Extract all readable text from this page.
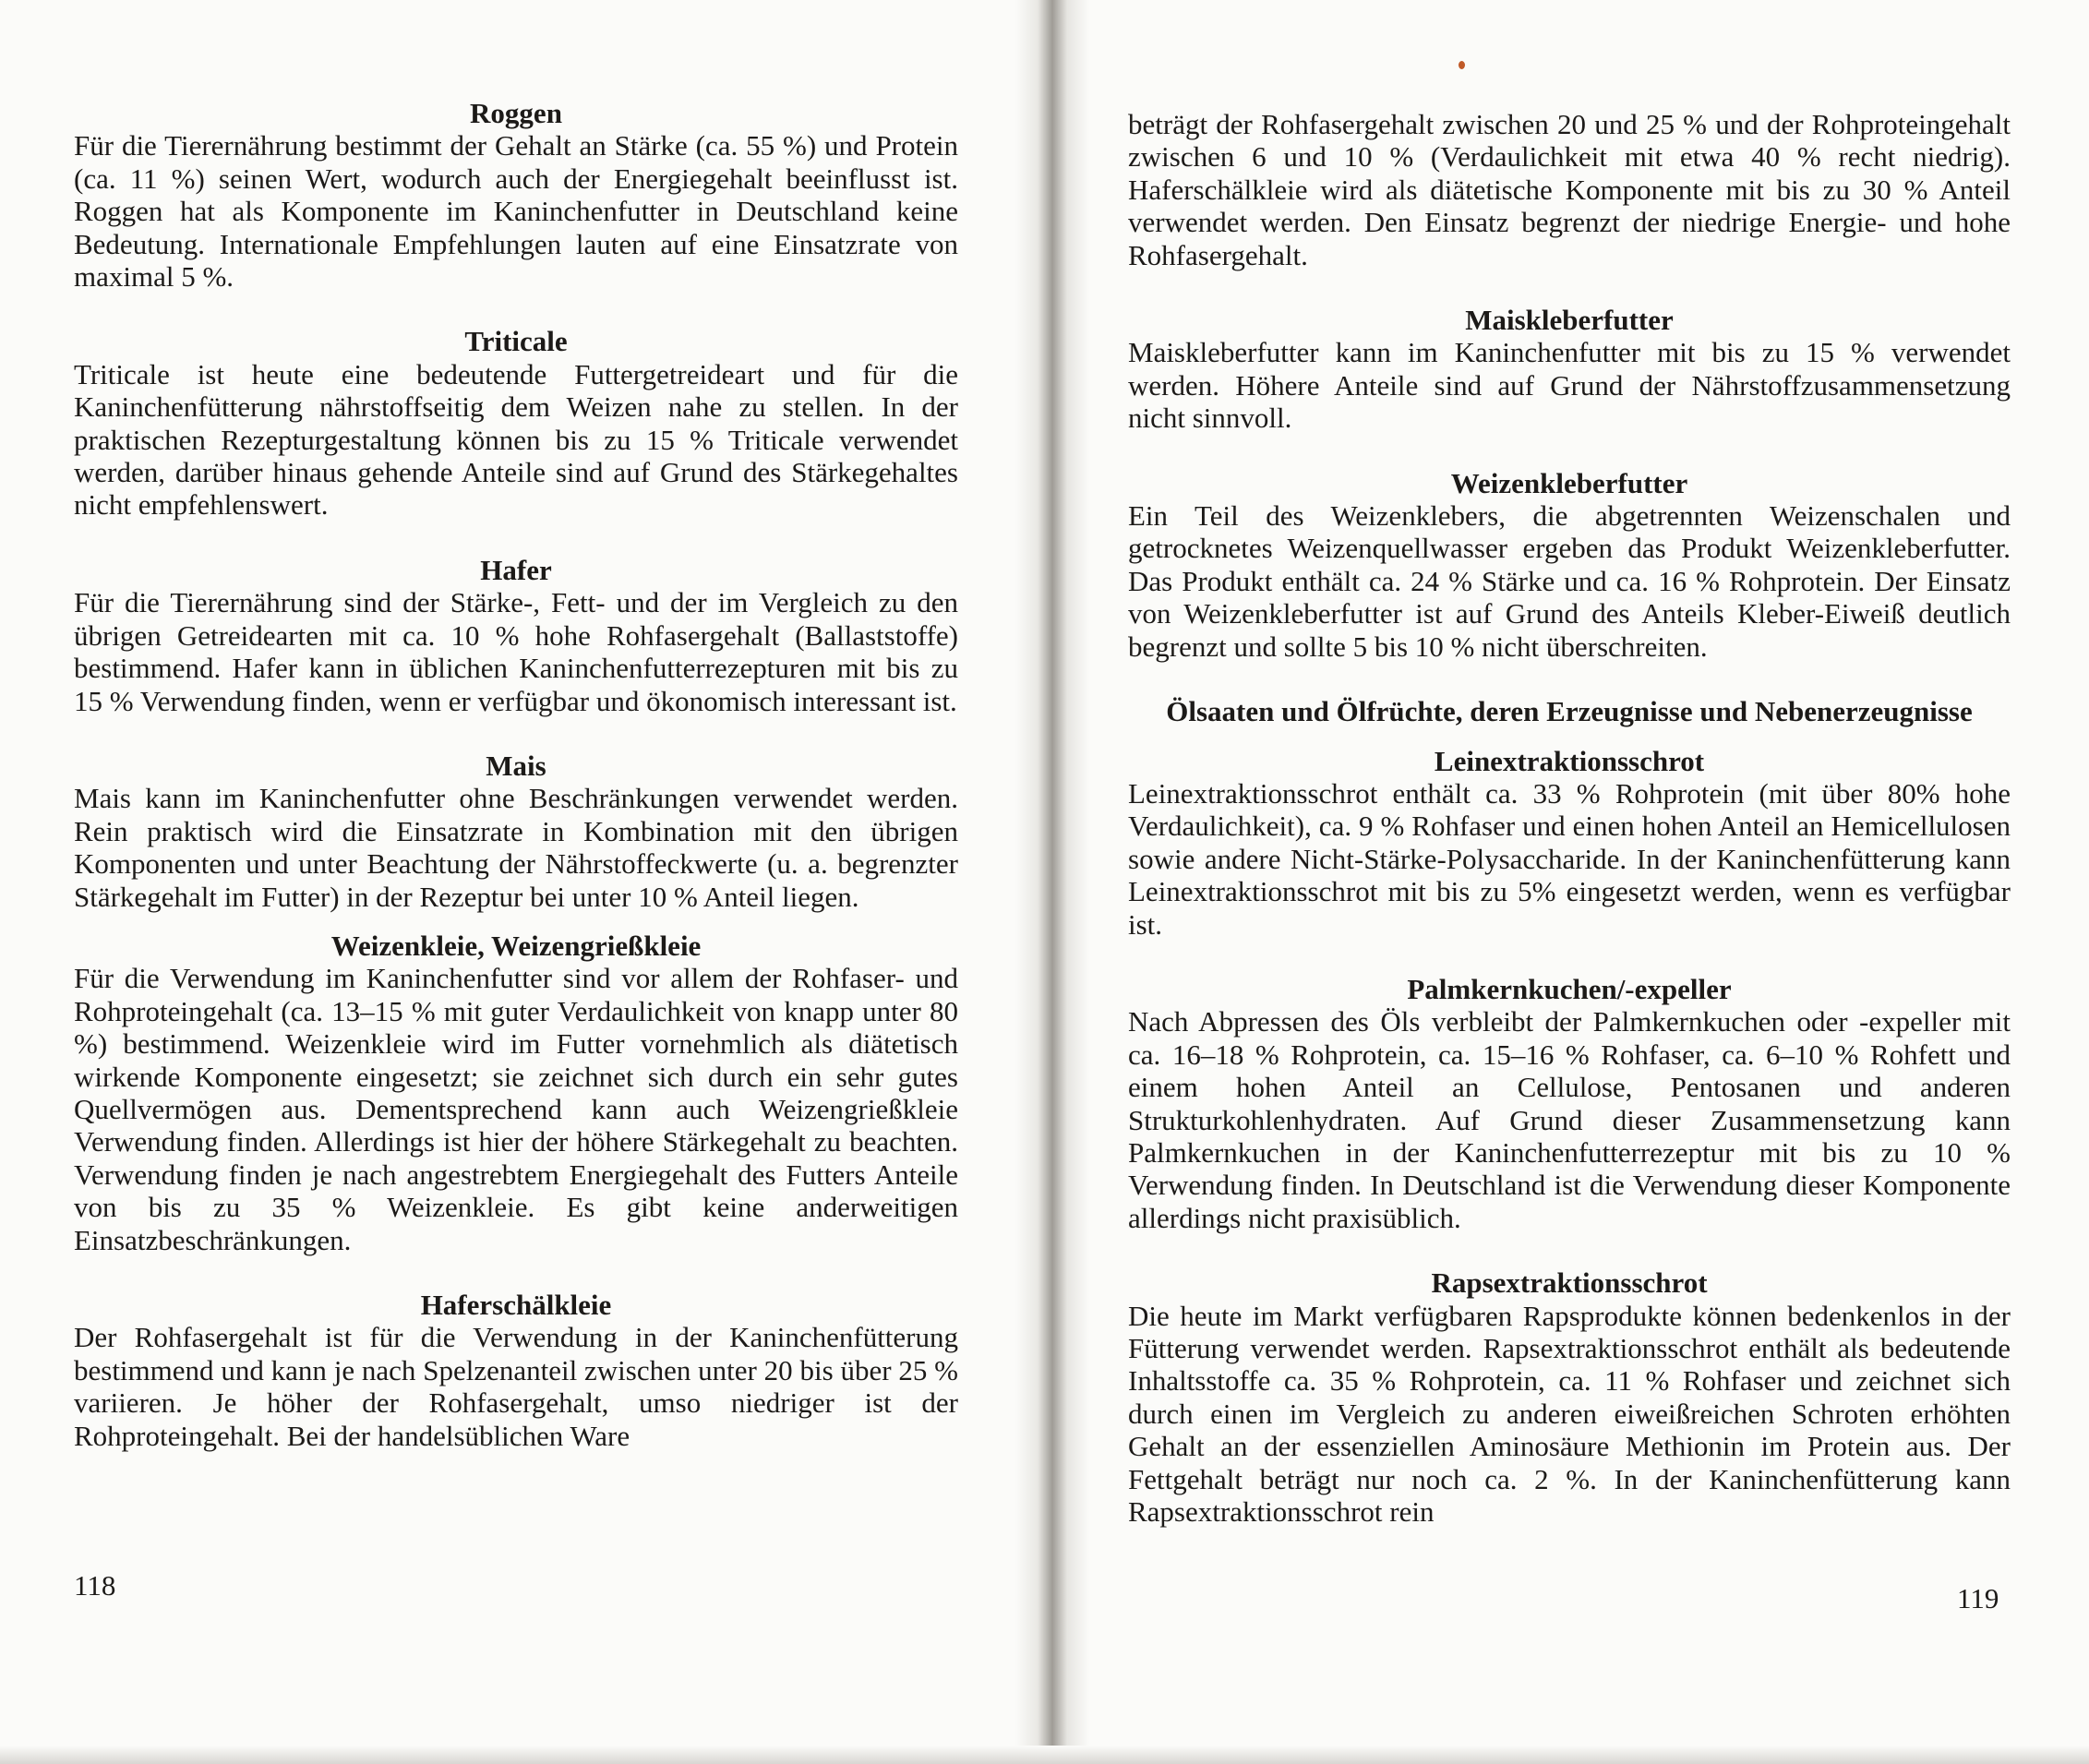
Roggen

Für die Tierernährung bestimmt der Gehalt an Stärke (ca. 55 %) und Protein (ca. 11 %) seinen Wert, wodurch auch der Energiegehalt beeinflusst ist. Roggen hat als Komponente im Kaninchenfutter in Deutschland keine Bedeutung. Internationale Empfehlungen lauten auf eine Einsatzrate von maximal 5 %.

Triticale

Triticale ist heute eine bedeutende Futtergetreideart und für die Kaninchenfütterung nährstoffseitig dem Weizen nahe zu stellen. In der praktischen Rezepturgestaltung können bis zu 15 % Triticale verwendet werden, darüber hinaus gehende Anteile sind auf Grund des Stärkegehaltes nicht empfehlenswert.

Hafer

Für die Tierernährung sind der Stärke-, Fett- und der im Vergleich zu den übrigen Getreidearten mit ca. 10 % hohe Rohfasergehalt (Ballaststoffe) bestimmend. Hafer kann in üblichen Kaninchenfutterrezepturen mit bis zu 15 % Verwendung finden, wenn er verfügbar und ökonomisch interessant ist.

Mais

Mais kann im Kaninchenfutter ohne Beschränkungen verwendet werden. Rein praktisch wird die Einsatzrate in Kombination mit den übrigen Komponenten und unter Beachtung der Nährstoffeckwerte (u. a. begrenzter Stärkegehalt im Futter) in der Rezeptur bei unter 10 % Anteil liegen.

Weizenkleie, Weizengrießkleie

Für die Verwendung im Kaninchenfutter sind vor allem der Rohfaser- und Rohproteingehalt (ca. 13–15 % mit guter Verdaulichkeit von knapp unter 80 %) bestimmend. Weizenkleie wird im Futter vornehmlich als diätetisch wirkende Komponente eingesetzt; sie zeichnet sich durch ein sehr gutes Quellvermögen aus. Dementsprechend kann auch Weizengrießkleie Verwendung finden. Allerdings ist hier der höhere Stärkegehalt zu beachten. Verwendung finden je nach angestrebtem Energiegehalt des Futters Anteile von bis zu 35 % Weizenkleie. Es gibt keine anderweitigen Einsatzbeschränkungen.

Haferschälkleie

Der Rohfasergehalt ist für die Verwendung in der Kaninchenfütterung bestimmend und kann je nach Spelzenanteil zwischen unter 20 bis über 25 % variieren. Je höher der Rohfasergehalt, umso niedriger ist der Rohproteingehalt. Bei der handelsüblichen Ware

118

beträgt der Rohfasergehalt zwischen 20 und 25 % und der Rohproteingehalt zwischen 6 und 10 % (Verdaulichkeit mit etwa 40 % recht niedrig). Haferschälkleie wird als diätetische Komponente mit bis zu 30 % Anteil verwendet werden. Den Einsatz begrenzt der niedrige Energie- und hohe Rohfasergehalt.

Maiskleberfutter

Maiskleberfutter kann im Kaninchenfutter mit bis zu 15 % verwendet werden. Höhere Anteile sind auf Grund der Nährstoffzusammensetzung nicht sinnvoll.

Weizenkleberfutter

Ein Teil des Weizenklebers, die abgetrennten Weizenschalen und getrocknetes Weizenquellwasser ergeben das Produkt Weizenkleberfutter. Das Produkt enthält ca. 24 % Stärke und ca. 16 % Rohprotein. Der Einsatz von Weizenkleberfutter ist auf Grund des Anteils Kleber-Eiweiß deutlich begrenzt und sollte 5 bis 10 % nicht überschreiten.

Ölsaaten und Ölfrüchte, deren Erzeugnisse und Nebenerzeugnisse

Leinextraktionsschrot

Leinextraktionsschrot enthält ca. 33 % Rohprotein (mit über 80% hohe Verdaulichkeit), ca. 9 % Rohfaser und einen hohen Anteil an Hemicellulosen sowie andere Nicht-Stärke-Polysaccharide. In der Kaninchenfütterung kann Leinextraktionsschrot mit bis zu 5% eingesetzt werden, wenn es verfügbar ist.

Palmkernkuchen/-expeller

Nach Abpressen des Öls verbleibt der Palmkernkuchen oder -expeller mit ca. 16–18 % Rohprotein, ca. 15–16 % Rohfaser, ca. 6–10 % Rohfett und einem hohen Anteil an Cellulose, Pentosanen und anderen Strukturkohlenhydraten. Auf Grund dieser Zusammensetzung kann Palmkernkuchen in der Kaninchenfutterrezeptur mit bis zu 10 % Verwendung finden. In Deutschland ist die Verwendung dieser Komponente allerdings nicht praxisüblich.

Rapsextraktionsschrot

Die heute im Markt verfügbaren Rapsprodukte können bedenkenlos in der Fütterung verwendet werden. Rapsextraktionsschrot enthält als bedeutende Inhaltsstoffe ca. 35 % Rohprotein, ca. 11 % Rohfaser und zeichnet sich durch einen im Vergleich zu anderen eiweißreichen Schroten erhöhten Gehalt an der essenziellen Aminosäure Methionin im Protein aus. Der Fettgehalt beträgt nur noch ca. 2 %. In der Kaninchenfütterung kann Rapsextraktionsschrot rein

119
